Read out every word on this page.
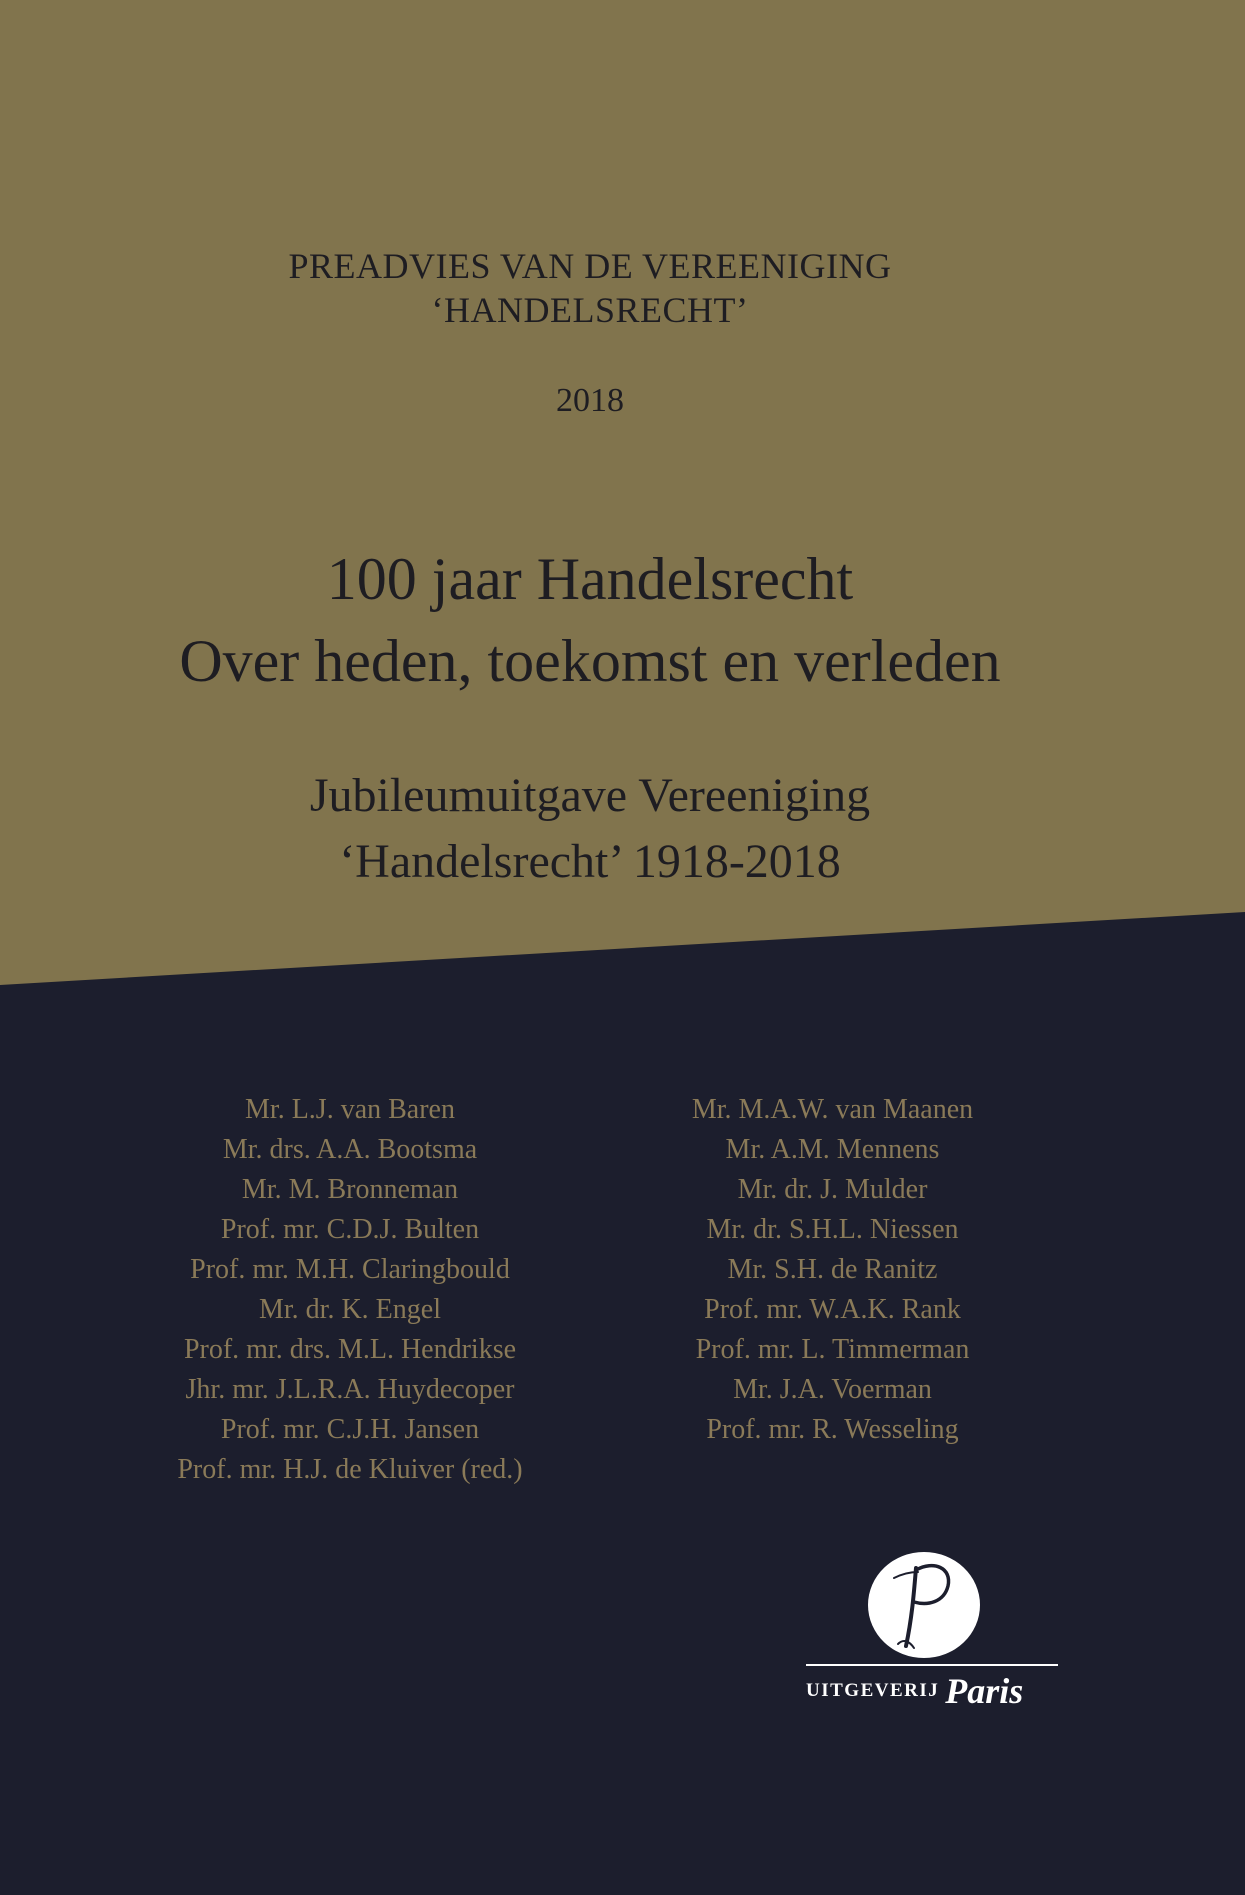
PREADVIES VAN DE VEREENIGING
‘HANDELSRECHT’
2018
100 jaar Handelsrecht
Over heden, toekomst en verleden
Jubileumuitgave Vereeniging
‘Handelsrecht’ 1918-2018
Mr. L.J. van Baren
Mr. drs. A.A. Bootsma
Mr. M. Bronneman
Prof. mr. C.D.J. Bulten
Prof. mr. M.H. Claringbould
Mr. dr. K. Engel
Prof. mr. drs. M.L. Hendrikse
Jhr. mr. J.L.R.A. Huydecoper
Prof. mr. C.J.H. Jansen
Prof. mr. H.J. de Kluiver (red.)
Mr. M.A.W. van Maanen
Mr. A.M. Mennens
Mr. dr. J. Mulder
Mr. dr. S.H.L. Niessen
Mr. S.H. de Ranitz
Prof. mr. W.A.K. Rank
Prof. mr. L. Timmerman
Mr. J.A. Voerman
Prof. mr. R. Wesseling
UITGEVERIJ Paris
